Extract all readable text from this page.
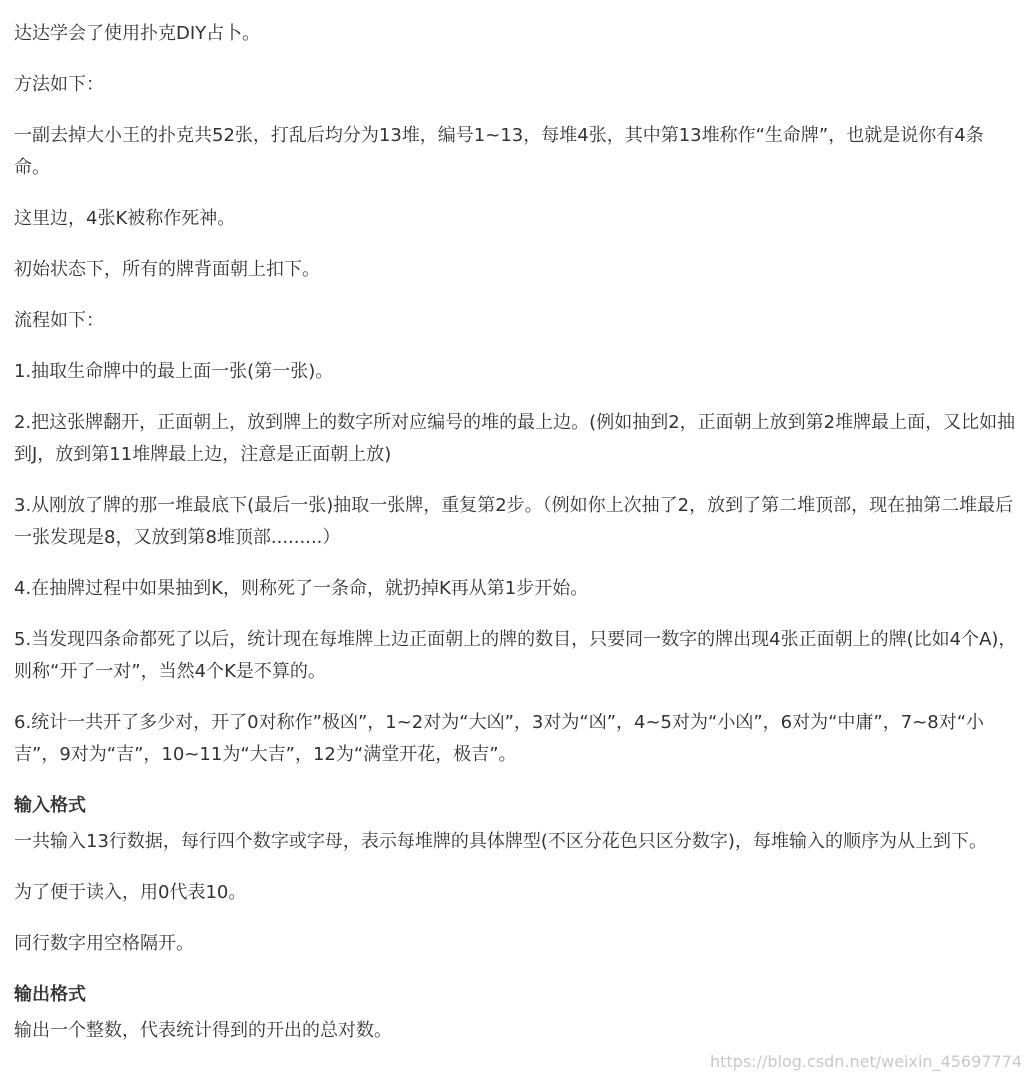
达达学会了使用扑克DIY占卜。
方法如下：
一副去掉大小王的扑克共52张，打乱后均分为13堆，编号1~13，每堆4张，其中第13堆称作“生命牌”，也就是说你有4条命。
这里边，4张K被称作死神。
初始状态下，所有的牌背面朝上扣下。
流程如下：
1.抽取生命牌中的最上面一张(第一张)。
2.把这张牌翻开，正面朝上，放到牌上的数字所对应编号的堆的最上边。(例如抽到2，正面朝上放到第2堆牌最上面，又比如抽到J，放到第11堆牌最上边，注意是正面朝上放)
3.从刚放了牌的那一堆最底下(最后一张)抽取一张牌，重复第2步。（例如你上次抽了2，放到了第二堆顶部，现在抽第二堆最后一张发现是8，又放到第8堆顶部.........）
4.在抽牌过程中如果抽到K，则称死了一条命，就扔掉K再从第1步开始。
5.当发现四条命都死了以后，统计现在每堆牌上边正面朝上的牌的数目，只要同一数字的牌出现4张正面朝上的牌(比如4个A)，则称“开了一对”，当然4个K是不算的。
6.统计一共开了多少对，开了0对称作”极凶”，1~2对为“大凶”，3对为“凶”，4~5对为“小凶”，6对为“中庸”，7~8对“小吉”，9对为“吉”，10~11为“大吉”，12为“满堂开花，极吉”。
输入格式
一共输入13行数据，每行四个数字或字母，表示每堆牌的具体牌型(不区分花色只区分数字)，每堆输入的顺序为从上到下。
为了便于读入，用0代表10。
同行数字用空格隔开。
输出格式
输出一个整数，代表统计得到的开出的总对数。
https://blog.csdn.net/weixin_45697774
